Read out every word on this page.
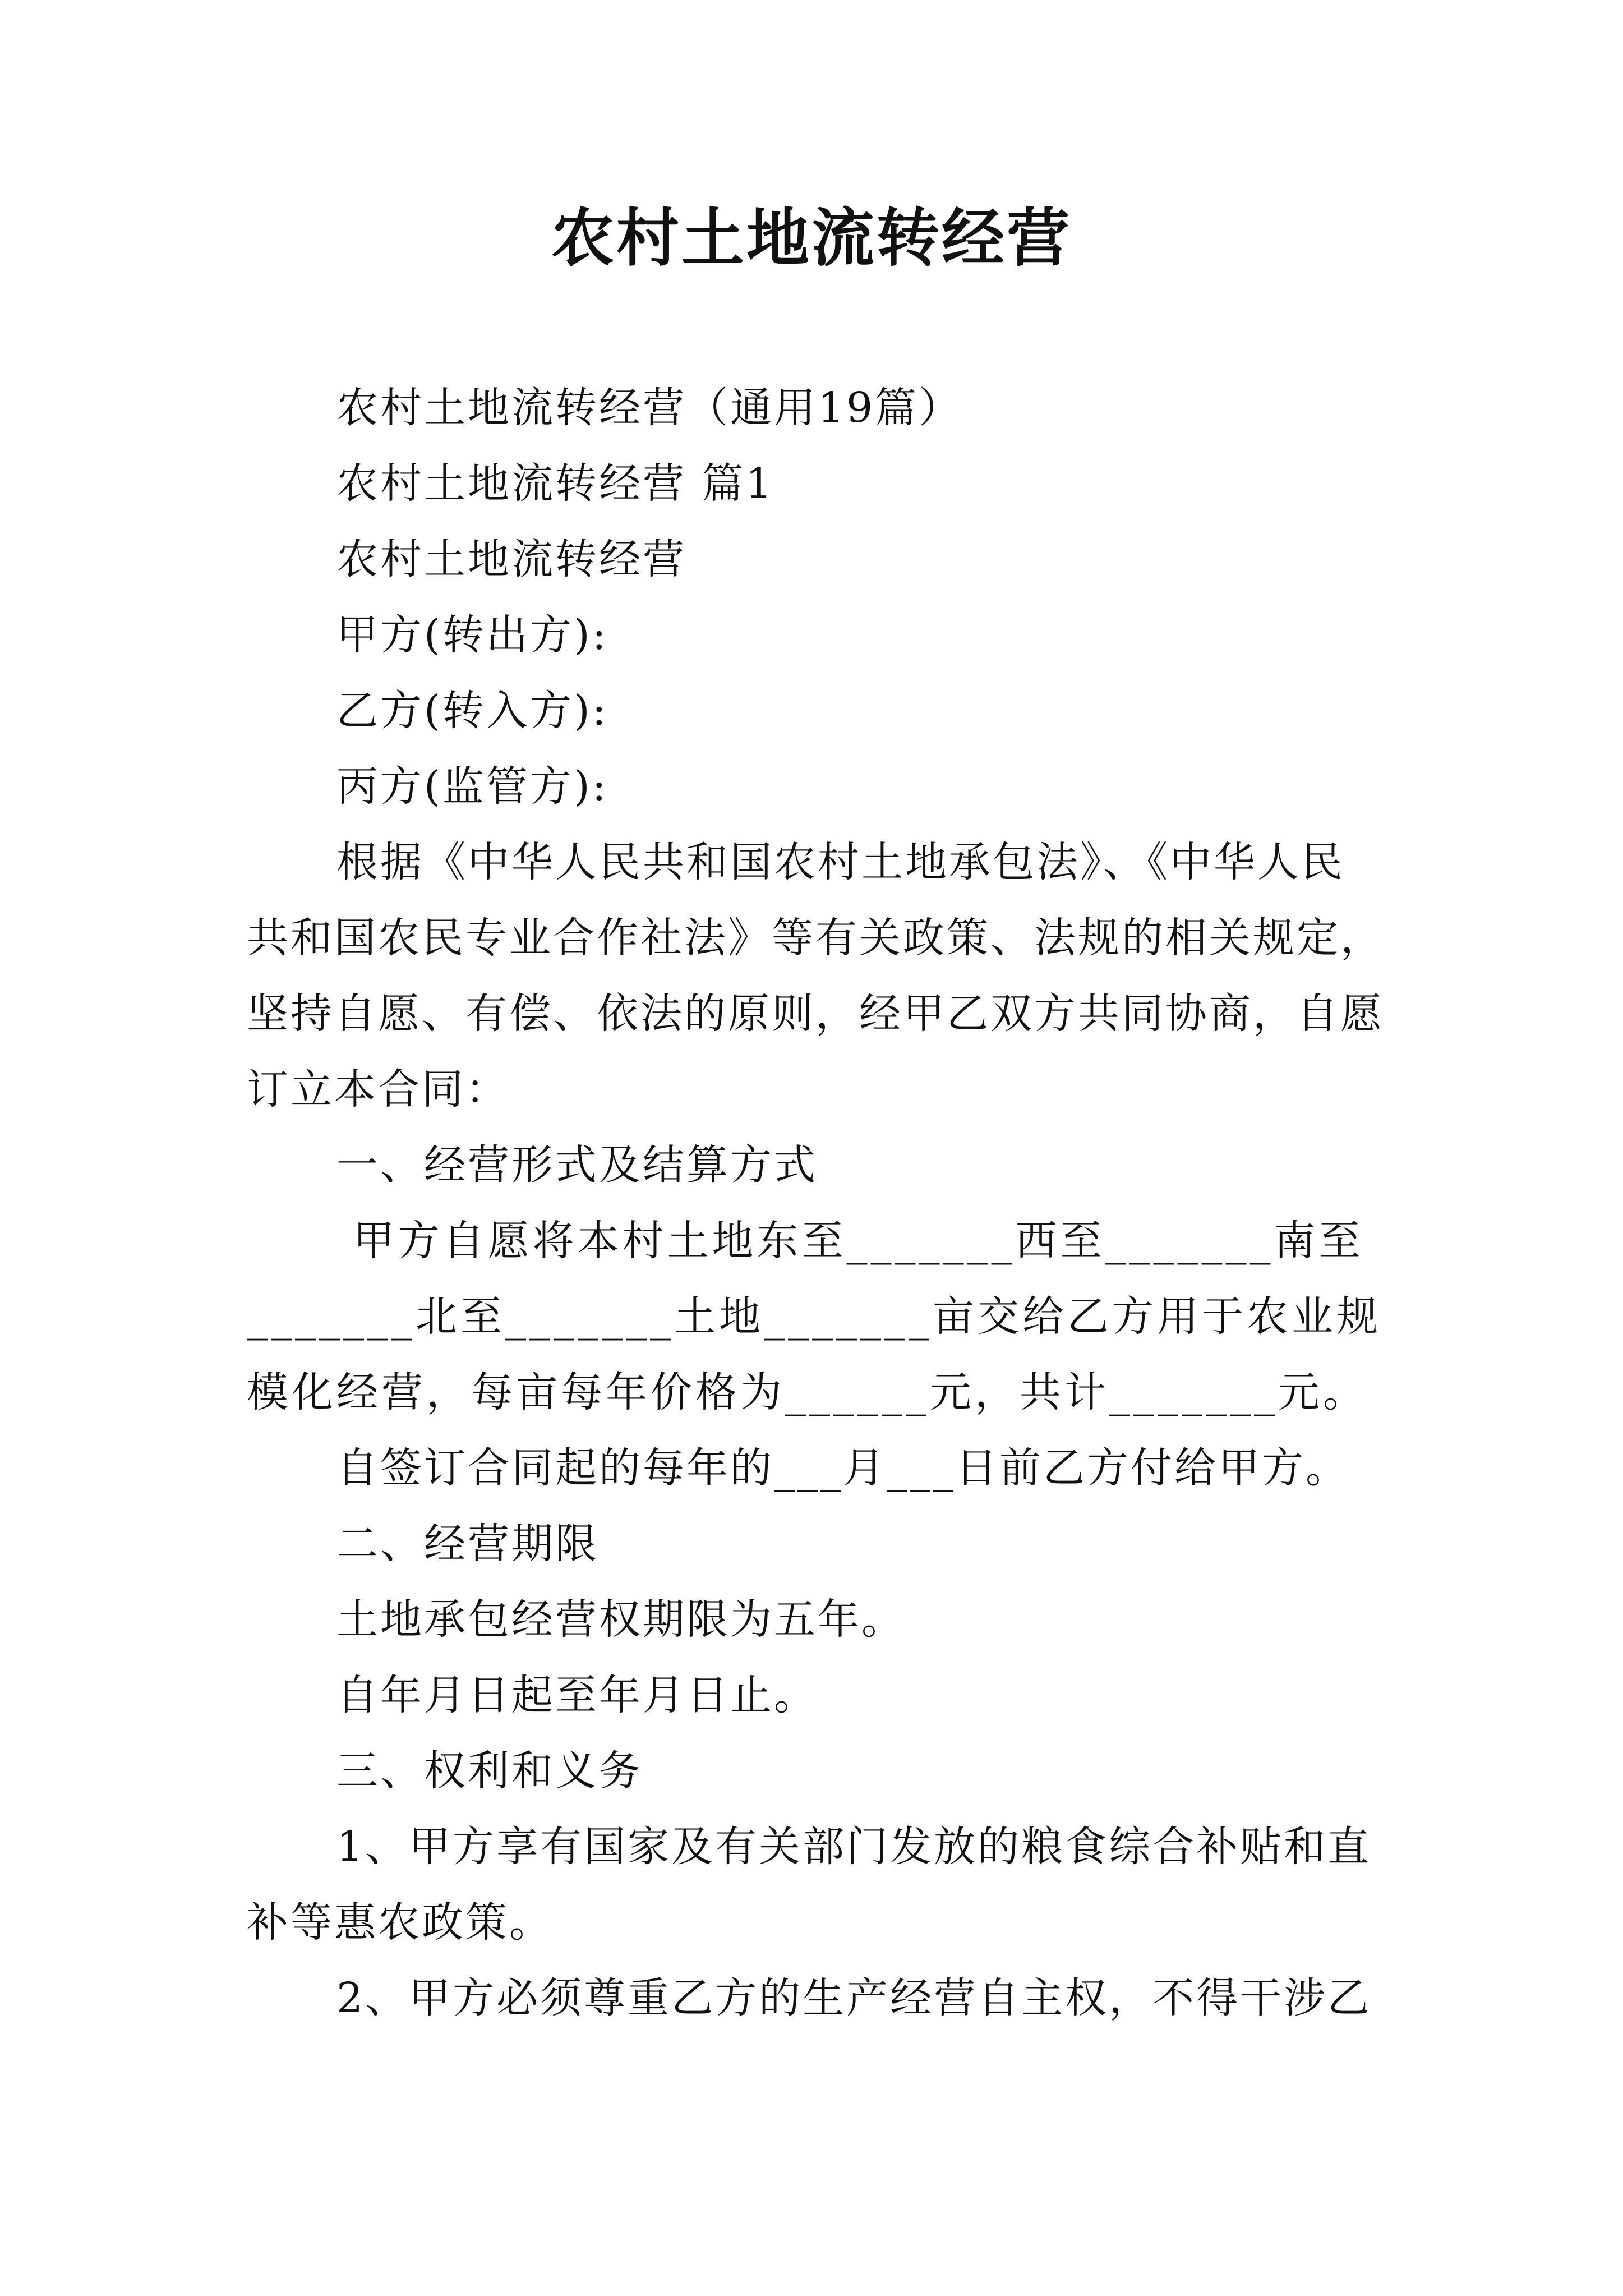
农村土地流转经营

农村土地流转经营（通用19篇）

农村土地流转经营 篇1

农村土地流转经营

甲方(转出方):

乙方(转入方):

丙方(监管方):

根据《中华人民共和国农村土地承包法》、《中华人民共和国农民专业合作社法》等有关政策、法规的相关规定，坚持自愿、有偿、依法的原则，经甲乙双方共同协商，自愿订立本合同：

一、经营形式及结算方式

甲方自愿将本村土地东至_______西至_______南至_______北至_______土地_______亩交给乙方用于农业规模化经营，每亩每年价格为______元，共计_______元。

自签订合同起的每年的___月___日前乙方付给甲方。

二、经营期限

土地承包经营权期限为五年。

自年月日起至年月日止。

三、权利和义务

1、甲方享有国家及有关部门发放的粮食综合补贴和直补等惠农政策。

2、甲方必须尊重乙方的生产经营自主权，不得干涉乙
